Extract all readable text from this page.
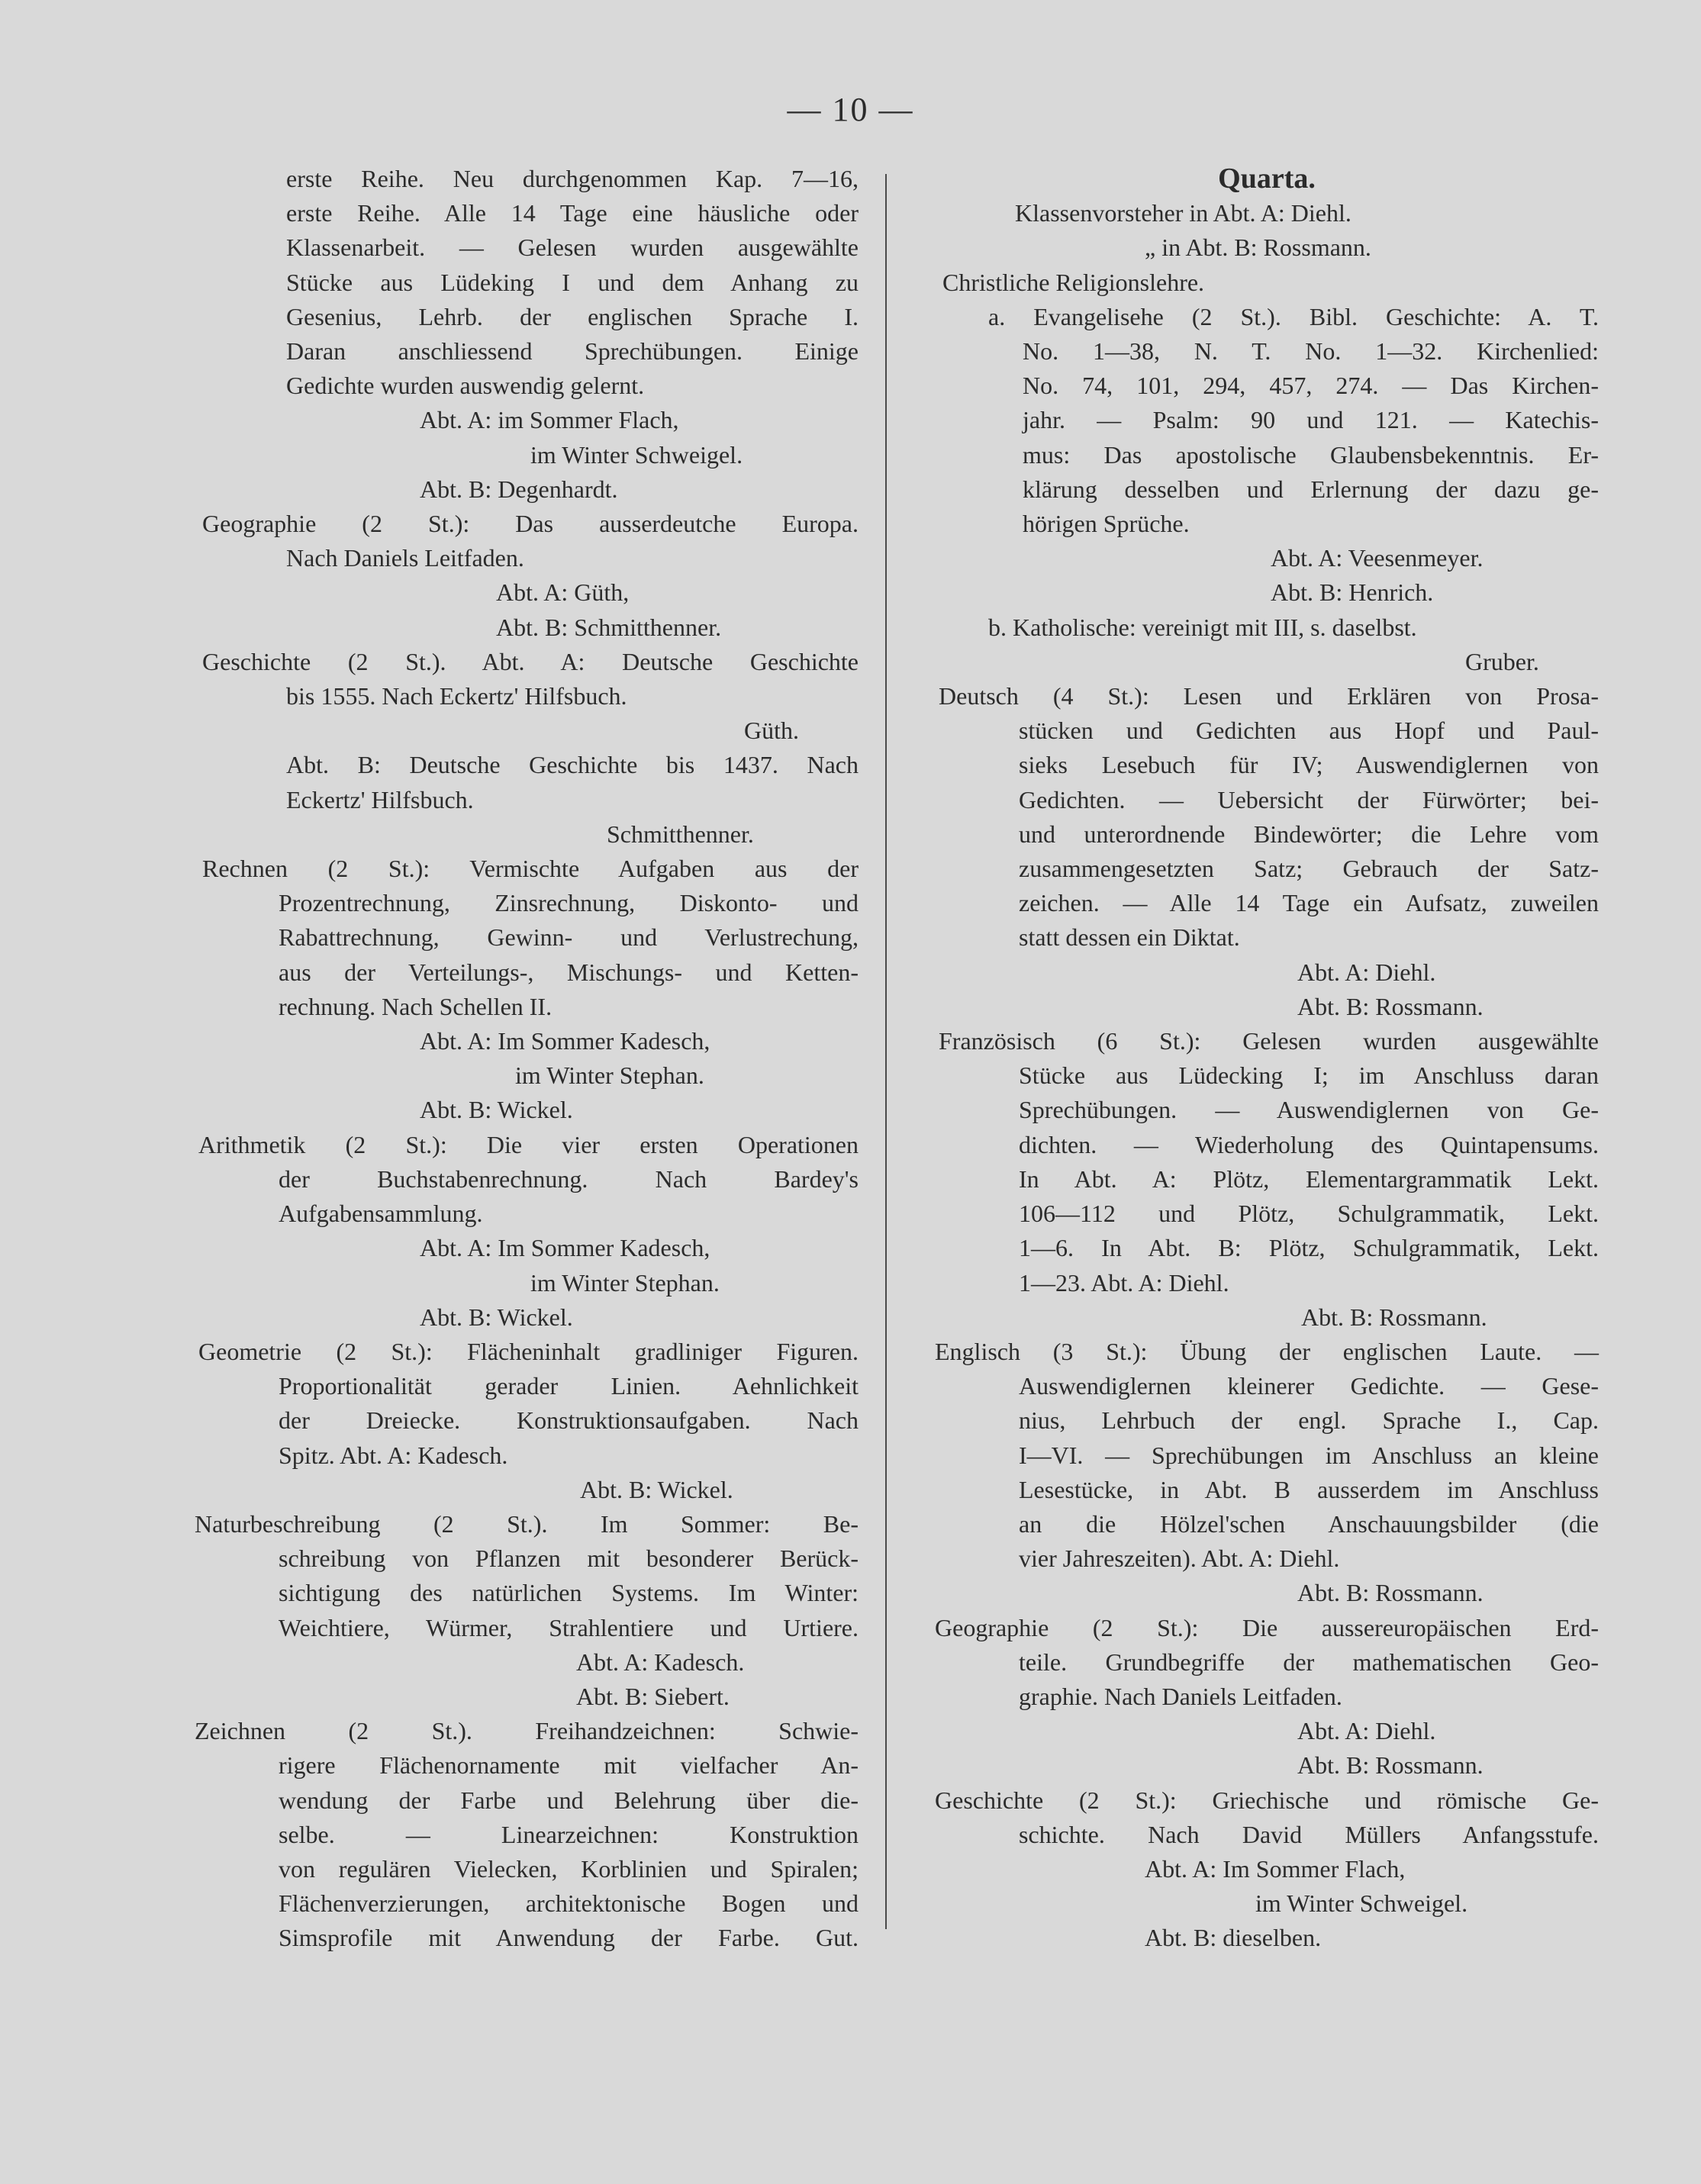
— 10 —
erste Reihe. Neu durchgenommen Kap. 7—16,
erste Reihe. Alle 14 Tage eine häusliche oder
Klassenarbeit. — Gelesen wurden ausgewählte
Stücke aus Lüdeking I und dem Anhang zu
Gesenius, Lehrb. der englischen Sprache I.
Daran anschliessend Sprechübungen. Einige
Gedichte wurden auswendig gelernt.
Abt. A: im Sommer Flach,
im Winter Schweigel.
Abt. B: Degenhardt.
Geographie (2 St.): Das ausserdeutche Europa.
Nach Daniels Leitfaden.
Abt. A: Güth,
Abt. B: Schmitthenner.
Geschichte (2 St.). Abt. A: Deutsche Geschichte
bis 1555. Nach Eckertz' Hilfsbuch.
Güth.
Abt. B: Deutsche Geschichte bis 1437. Nach
Eckertz' Hilfsbuch.
Schmitthenner.
Rechnen (2 St.): Vermischte Aufgaben aus der
Prozentrechnung, Zinsrechnung, Diskonto- und
Rabattrechnung, Gewinn- und Verlustrechung,
aus der Verteilungs-, Mischungs- und Ketten-
rechnung. Nach Schellen II.
Abt. A: Im Sommer Kadesch,
im Winter Stephan.
Abt. B: Wickel.
Arithmetik (2 St.): Die vier ersten Operationen
der Buchstabenrechnung. Nach Bardey's
Aufgabensammlung.
Abt. A: Im Sommer Kadesch,
im Winter Stephan.
Abt. B: Wickel.
Geometrie (2 St.): Flächeninhalt gradliniger Figuren.
Proportionalität gerader Linien. Aehnlichkeit
der Dreiecke. Konstruktionsaufgaben. Nach
Spitz. Abt. A: Kadesch.
Abt. B: Wickel.
Naturbeschreibung (2 St.). Im Sommer: Be-
schreibung von Pflanzen mit besonderer Berück-
sichtigung des natürlichen Systems. Im Winter:
Weichtiere, Würmer, Strahlentiere und Urtiere.
Abt. A: Kadesch.
Abt. B: Siebert.
Zeichnen (2 St.). Freihandzeichnen: Schwie-
rigere Flächenornamente mit vielfacher An-
wendung der Farbe und Belehrung über die-
selbe. — Linearzeichnen: Konstruktion
von regulären Vielecken, Korblinien und Spiralen;
Flächenverzierungen, architektonische Bogen und
Simsprofile mit Anwendung der Farbe. Gut.
Quarta.
Klassenvorsteher in Abt. A: Diehl.
„ in Abt. B: Rossmann.
Christliche Religionslehre.
a. Evangelisehe (2 St.). Bibl. Geschichte: A. T.
No. 1—38, N. T. No. 1—32. Kirchenlied:
No. 74, 101, 294, 457, 274. — Das Kirchen-
jahr. — Psalm: 90 und 121. — Katechis-
mus: Das apostolische Glaubensbekenntnis. Er-
klärung desselben und Erlernung der dazu ge-
hörigen Sprüche.
Abt. A: Veesenmeyer.
Abt. B: Henrich.
b. Katholische: vereinigt mit III, s. daselbst.
Gruber.
Deutsch (4 St.): Lesen und Erklären von Prosa-
stücken und Gedichten aus Hopf und Paul-
sieks Lesebuch für IV; Auswendiglernen von
Gedichten. — Uebersicht der Fürwörter; bei-
und unterordnende Bindewörter; die Lehre vom
zusammengesetzten Satz; Gebrauch der Satz-
zeichen. — Alle 14 Tage ein Aufsatz, zuweilen
statt dessen ein Diktat.
Abt. A: Diehl.
Abt. B: Rossmann.
Französisch (6 St.): Gelesen wurden ausgewählte
Stücke aus Lüdecking I; im Anschluss daran
Sprechübungen. — Auswendiglernen von Ge-
dichten. — Wiederholung des Quintapensums.
In Abt. A: Plötz, Elementargrammatik Lekt.
106—112 und Plötz, Schulgrammatik, Lekt.
1—6. In Abt. B: Plötz, Schulgrammatik, Lekt.
1—23. Abt. A: Diehl.
Abt. B: Rossmann.
Englisch (3 St.): Übung der englischen Laute. —
Auswendiglernen kleinerer Gedichte. — Gese-
nius, Lehrbuch der engl. Sprache I., Cap.
I—VI. — Sprechübungen im Anschluss an kleine
Lesestücke, in Abt. B ausserdem im Anschluss
an die Hölzel'schen Anschauungsbilder (die
vier Jahreszeiten). Abt. A: Diehl.
Abt. B: Rossmann.
Geographie (2 St.): Die aussereuropäischen Erd-
teile. Grundbegriffe der mathematischen Geo-
graphie. Nach Daniels Leitfaden.
Abt. A: Diehl.
Abt. B: Rossmann.
Geschichte (2 St.): Griechische und römische Ge-
schichte. Nach David Müllers Anfangsstufe.
Abt. A: Im Sommer Flach,
im Winter Schweigel.
Abt. B: dieselben.
